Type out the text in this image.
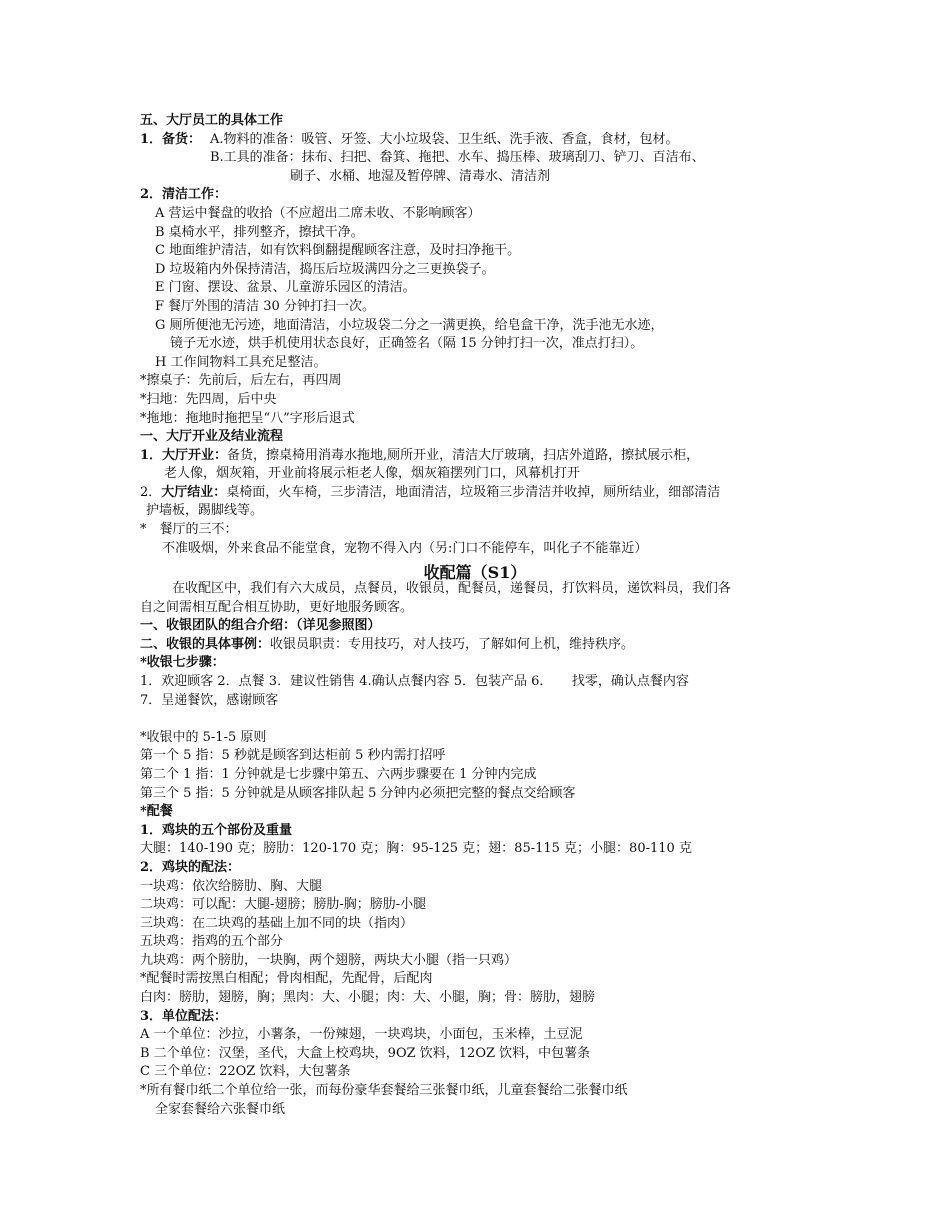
五、大厅员工的具体工作
1．备货： A.物料的准备：吸管、牙签、大小垃圾袋、卫生纸、洗手液、香盒，食材，包材。
B.工具的准备：抹布、扫把、畚箕、拖把、水车、捣压棒、玻璃刮刀、铲刀、百洁布、
刷子、水桶、地湿及暂停牌、清毒水、清洁剂
2．清洁工作：
A 营运中餐盘的收拾（不应超出二席未收、不影响顾客）
B 桌椅水平，排列整齐，擦拭干净。
C 地面维护清洁，如有饮料倒翻提醒顾客注意，及时扫净拖干。
D 垃圾箱内外保持清洁，捣压后垃圾满四分之三更换袋子。
E 门窗、摆设、盆景、儿童游乐园区的清洁。
F 餐厅外围的清洁 30 分钟打扫一次。
G 厕所便池无污迹，地面清洁，小垃圾袋二分之一满更换，给皂盒干净，洗手池无水迹，
镜子无水迹，烘手机使用状态良好，正确签名（隔 15 分钟打扫一次，准点打扫）。
H 工作间物料工具充足整洁。
*擦桌子：先前后，后左右，再四周
*扫地：先四周，后中央
*拖地：拖地时拖把呈“八”字形后退式
一、大厅开业及结业流程
1．大厅开业：备货，擦桌椅用消毒水拖地,厕所开业，清洁大厅玻璃，扫店外道路，擦拭展示柜，
老人像，烟灰箱，开业前将展示柜老人像，烟灰箱摆列门口，风幕机打开
2．大厅结业：桌椅面，火车椅，三步清洁，地面清洁，垃圾箱三步清洁并收掉，厕所结业，细部清洁
护墙板，踢脚线等。
*　餐厅的三不：
不准吸烟，外来食品不能堂食，宠物不得入内（另:门口不能停车，叫化子不能靠近）
收配篇（S1）
在收配区中，我们有六大成员，点餐员，收银员，配餐员，递餐员，打饮料员，递饮料员，我们各
自之间需相互配合相互协助，更好地服务顾客。
一、收银团队的组合介绍：（详见参照图）
二、收银的具体事例：收银员职责：专用技巧，对人技巧，了解如何上机，维持秩序。
*收银七步骤：
1．欢迎顾客 2．点餐 3．建议性销售 4.确认点餐内容 5．包装产品 6．　　找零，确认点餐内容
7．呈递餐饮，感谢顾客
*收银中的 5-1-5 原则
第一个 5 指：5 秒就是顾客到达柜前 5 秒内需打招呼
第二个 1 指：1 分钟就是七步骤中第五、六两步骤要在 1 分钟内完成
第三个 5 指：5 分钟就是从顾客排队起 5 分钟内必须把完整的餐点交给顾客
*配餐
1．鸡块的五个部份及重量
大腿：140-190 克；膀肋：120-170 克；胸：95-125 克；翅：85-115 克；小腿：80-110 克
2．鸡块的配法：
一块鸡：依次给膀肋、胸、大腿
二块鸡：可以配：大腿-翅膀；膀肋-胸；膀肋-小腿
三块鸡：在二块鸡的基础上加不同的块（指肉）
五块鸡：指鸡的五个部分
九块鸡：两个膀肋，一块胸，两个翅膀，两块大小腿（指一只鸡）
*配餐时需按黑白相配；骨肉相配，先配骨，后配肉
白肉：膀肋，翅膀，胸；黑肉：大、小腿；肉：大、小腿，胸；骨：膀肋，翅膀
3．单位配法：
A 一个单位：沙拉，小薯条，一份辣翅，一块鸡块，小面包，玉米棒，土豆泥
B 二个单位：汉堡，圣代，大盒上校鸡块，9OZ 饮料，12OZ 饮料，中包薯条
C 三个单位：22OZ 饮料，大包薯条
*所有餐巾纸二个单位给一张，而每份豪华套餐给三张餐巾纸，儿童套餐给二张餐巾纸
全家套餐给六张餐巾纸
